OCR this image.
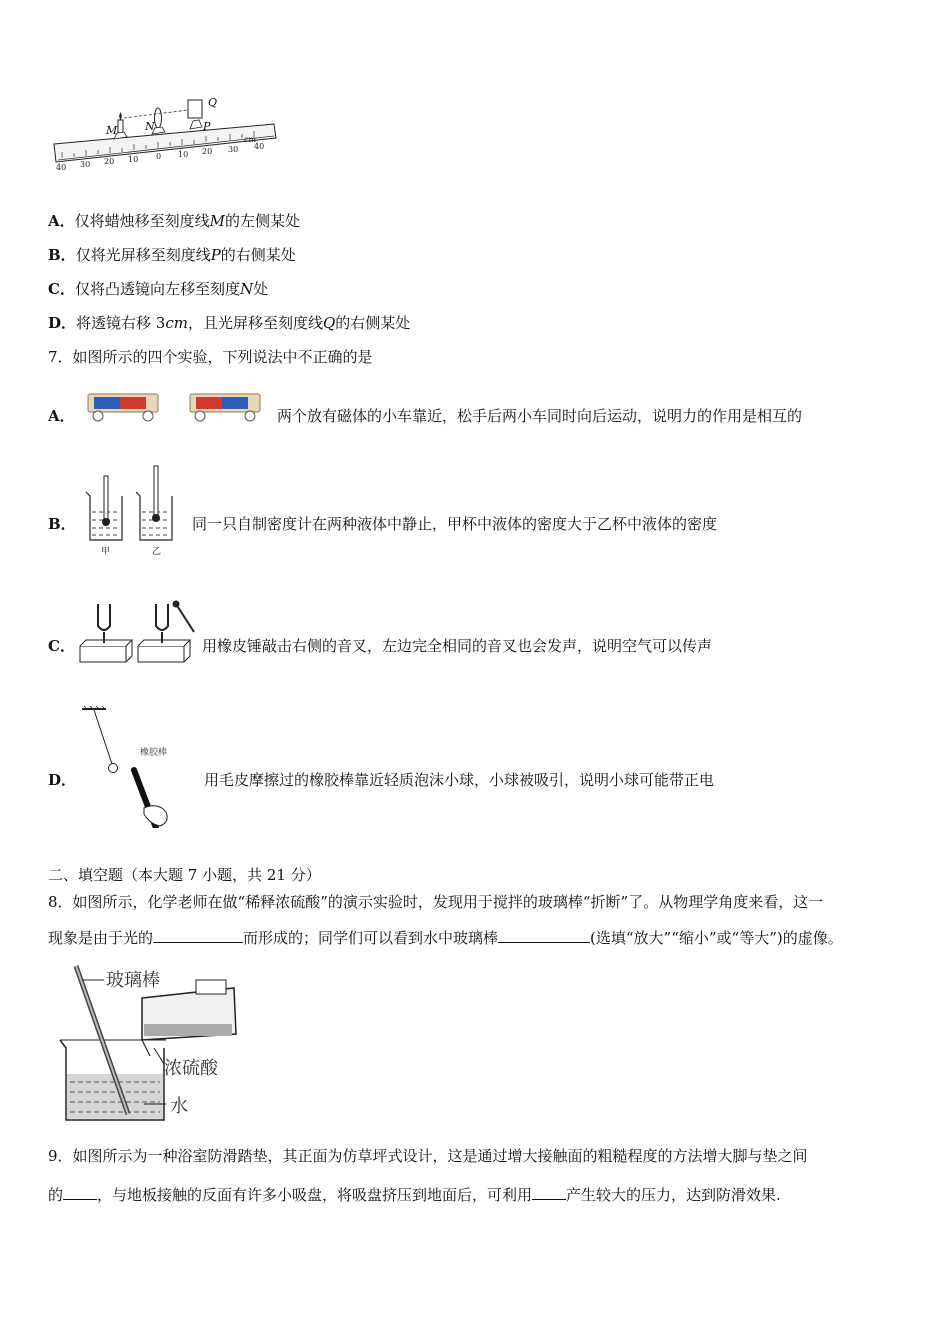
40 30 20 10 0 10 20 30 40
cm
M	N	P
Q
A．仅将蜡烛移至刻度线M的左侧某处
B．仅将光屏移至刻度线P的右侧某处
C．仅将凸透镜向左移至刻度N处
D．将透镜右移 3cm，且光屏移至刻度线Q的右侧某处
7．如图所示的四个实验，下列说法中不正确的是
A．	两个放有磁体的小车靠近，松手后两小车同时向后运动，说明力的作用是相互的
B．
甲	乙
同一只自制密度计在两种液体中静止，甲杯中液体的密度大于乙杯中液体的密度
C．	用橡皮锤敲击右侧的音叉，左边完全相同的音叉也会发声，说明空气可以传声
D．
橡胶棒
用毛皮摩擦过的橡胶棒靠近轻质泡沫小球，小球被吸引，说明小球可能带正电
二、填空题（本大题 7 小题，共 21 分）
8．如图所示，化学老师在做“稀释浓硫酸”的演示实验时，发现用于搅拌的玻璃棒“折断”了。从物理学角度来看，这一
现象是由于光的	而形成的；同学们可以看到水中玻璃棒	(选填“放大”“缩小”或“等大”)的虚像。
玻璃棒
浓硫酸
水
9．如图所示为一种浴室防滑踏垫，其正面为仿草坪式设计，这是通过增大接触面的粗糙程度的方法增大脚与垫之间
的 ，与地板接触的反面有许多小吸盘，将吸盘挤压到地面后，可利用 产生较大的压力，达到防滑效果.
